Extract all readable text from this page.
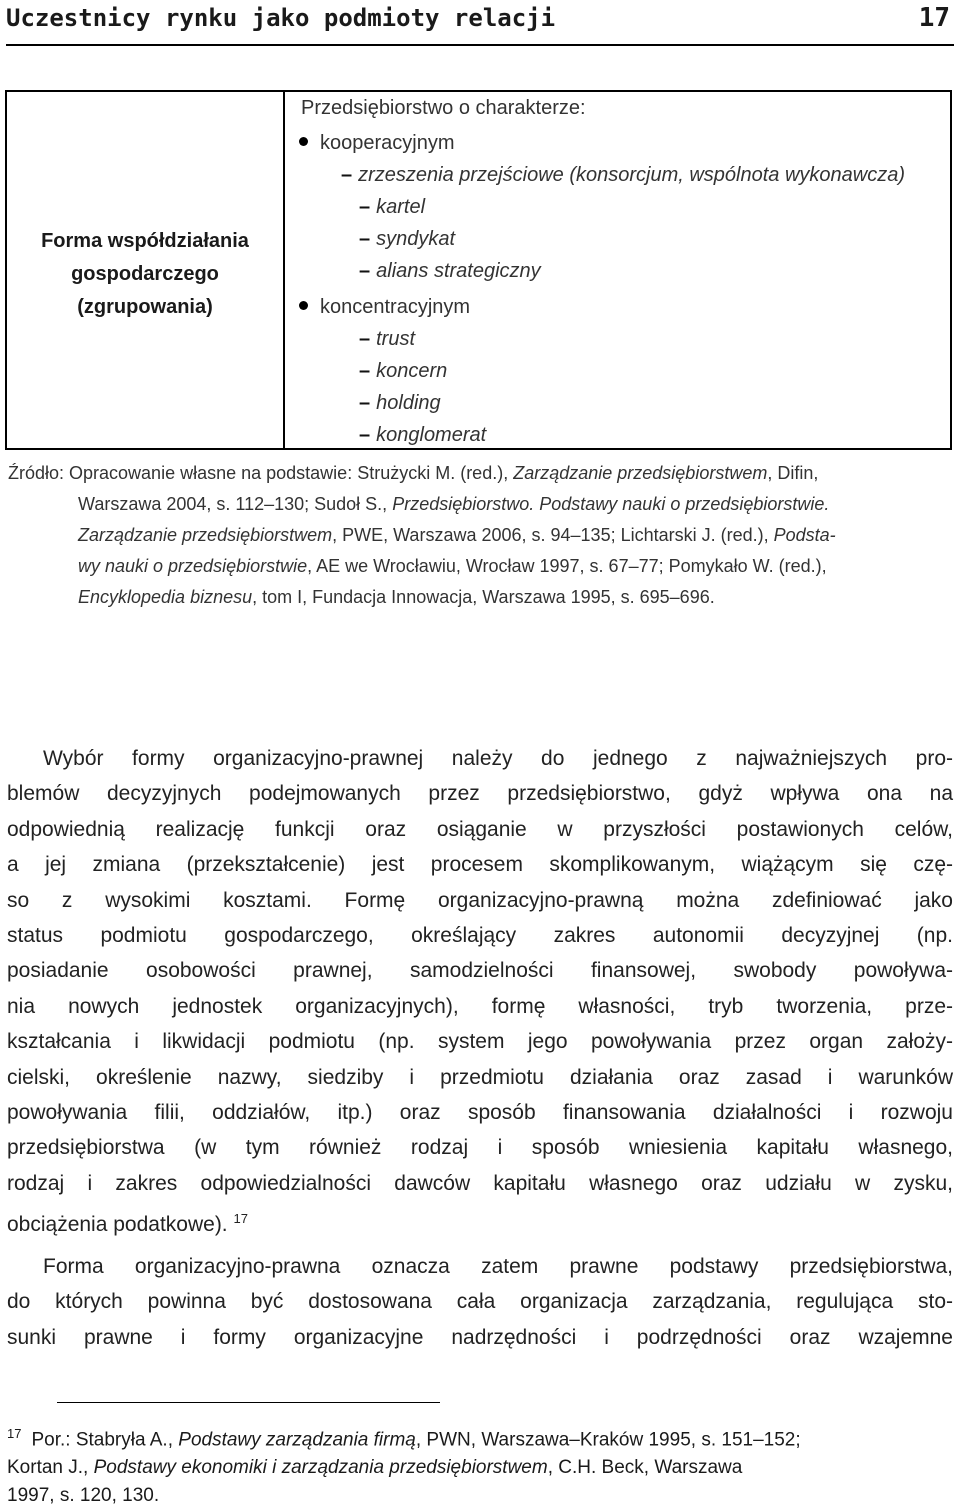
Uczestnicy rynku jako podmioty relacji	17
Forma współdziałania
gospodarczego
(zgrupowania)
Przedsiębiorstwo o charakterze:
kooperacyjnym
– zrzeszenia przejściowe (konsorcjum, wspólnota wykonawcza)
– kartel
– syndykat
– alians strategiczny
koncentracyjnym
– trust
– koncern
– holding
– konglomerat
Źródło: Opracowanie własne na podstawie: Strużycki M. (red.), Zarządzanie przedsiębiorstwem, Difin,
Warszawa 2004, s. 112–130; Sudoł S., Przedsiębiorstwo. Podstawy nauki o przedsiębiorstwie.
Zarządzanie przedsiębiorstwem, PWE, Warszawa 2006, s. 94–135; Lichtarski J. (red.), Podsta-
wy nauki o przedsiębiorstwie, AE we Wrocławiu, Wrocław 1997, s. 67–77; Pomykało W. (red.),
Encyklopedia biznesu, tom I, Fundacja Innowacja, Warszawa 1995, s. 695–696.
Wybór formy organizacyjno-prawnej należy do jednego z najważniejszych pro-
blemów decyzyjnych podejmowanych przez przedsiębiorstwo, gdyż wpływa ona na
odpowiednią realizację funkcji oraz osiąganie w przyszłości postawionych celów,
a jej zmiana (przekształcenie) jest procesem skomplikowanym, wiążącym się czę-
so z wysokimi kosztami. Formę organizacyjno-prawną można zdefiniować jako
status podmiotu gospodarczego, określający zakres autonomii decyzyjnej (np.
posiadanie osobowości prawnej, samodzielności finansowej, swobody powoływa-
nia nowych jednostek organizacyjnych), formę własności, tryb tworzenia, prze-
kształcania i likwidacji podmiotu (np. system jego powoływania przez organ założy-
cielski, określenie nazwy, siedziby i przedmiotu działania oraz zasad i warunków
powoływania filii, oddziałów, itp.) oraz sposób finansowania działalności i rozwoju
przedsiębiorstwa (w tym również rodzaj i sposób wniesienia kapitału własnego,
rodzaj i zakres odpowiedzialności dawców kapitału własnego oraz udziału w zysku,
obciążenia podatkowe). $^{17}$
Forma organizacyjno-prawna oznacza zatem prawne podstawy przedsiębiorstwa,
do których powinna być dostosowana cała organizacja zarządzania, regulująca sto-
sunki prawne i formy organizacyjne nadrzędności i podrzędności oraz wzajemne
$^{17}$ Por.: Stabryła A., Podstawy zarządzania firmą, PWN, Warszawa–Kraków 1995, s. 151–152;
Kortan J., Podstawy ekonomiki i zarządzania przedsiębiorstwem, C.H. Beck, Warszawa
1997, s. 120, 130.
